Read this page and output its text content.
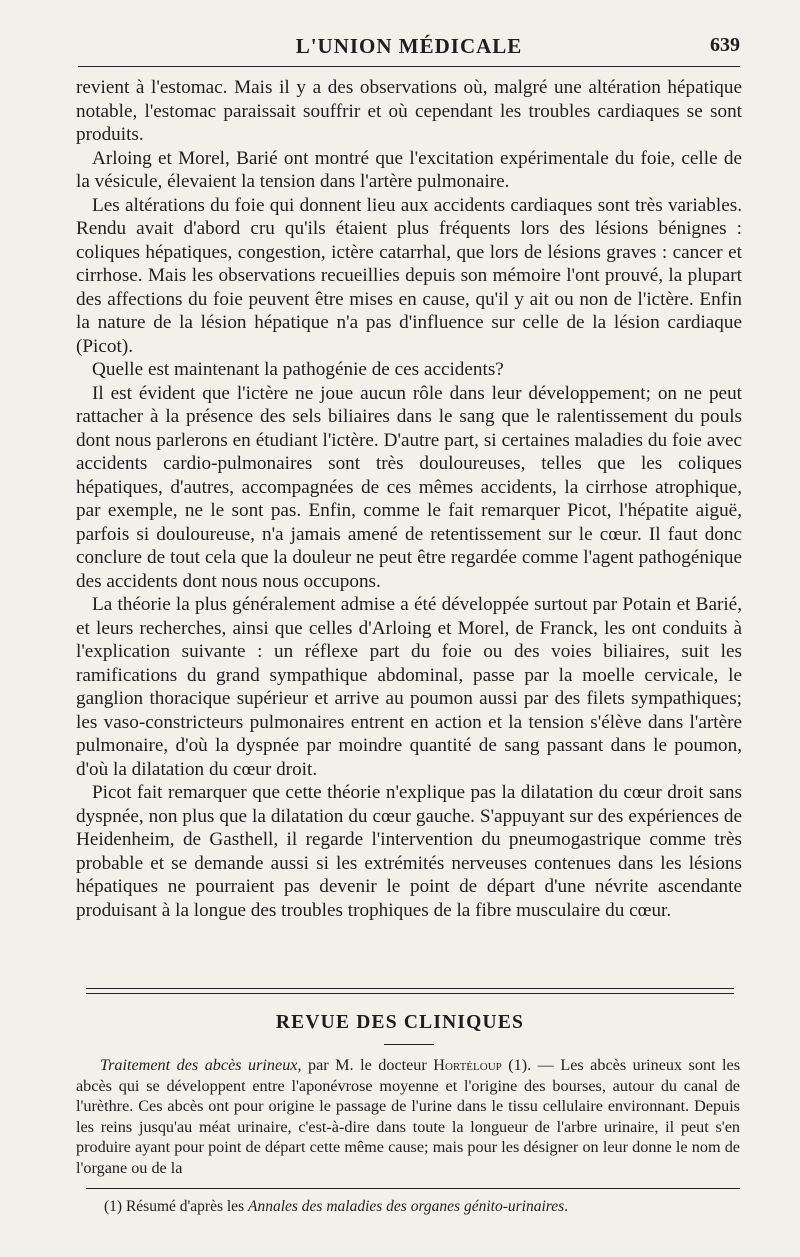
L'UNION MÉDICALE	639

revient à l'estomac. Mais il y a des observations où, malgré une altération hépatique notable, l'estomac paraissait souffrir et où cependant les troubles cardiaques se sont produits.

Arloing et Morel, Barié ont montré que l'excitation expérimentale du foie, celle de la vésicule, élevaient la tension dans l'artère pulmonaire.

Les altérations du foie qui donnent lieu aux accidents cardiaques sont très variables. Rendu avait d'abord cru qu'ils étaient plus fréquents lors des lésions bénignes : coliques hépatiques, congestion, ictère catarrhal, que lors de lésions graves : cancer et cirrhose. Mais les observations recueillies depuis son mémoire l'ont prouvé, la plupart des affections du foie peuvent être mises en cause, qu'il y ait ou non de l'ictère. Enfin la nature de la lésion hépatique n'a pas d'influence sur celle de la lésion cardiaque (Picot).

Quelle est maintenant la pathogénie de ces accidents?

Il est évident que l'ictère ne joue aucun rôle dans leur développement; on ne peut rattacher à la présence des sels biliaires dans le sang que le ralentissement du pouls dont nous parlerons en étudiant l'ictère. D'autre part, si certaines maladies du foie avec accidents cardio-pulmonaires sont très douloureuses, telles que les coliques hépatiques, d'autres, accompagnées de ces mêmes accidents, la cirrhose atrophique, par exemple, ne le sont pas. Enfin, comme le fait remarquer Picot, l'hépatite aiguë, parfois si douloureuse, n'a jamais amené de retentissement sur le cœur. Il faut donc conclure de tout cela que la douleur ne peut être regardée comme l'agent pathogénique des accidents dont nous nous occupons.

La théorie la plus généralement admise a été développée surtout par Potain et Barié, et leurs recherches, ainsi que celles d'Arloing et Morel, de Franck, les ont conduits à l'explication suivante : un réflexe part du foie ou des voies biliaires, suit les ramifications du grand sympathique abdominal, passe par la moelle cervicale, le ganglion thoracique supérieur et arrive au poumon aussi par des filets sympathiques; les vaso-constricteurs pulmonaires entrent en action et la tension s'élève dans l'artère pulmonaire, d'où la dyspnée par moindre quantité de sang passant dans le poumon, d'où la dilatation du cœur droit.

Picot fait remarquer que cette théorie n'explique pas la dilatation du cœur droit sans dyspnée, non plus que la dilatation du cœur gauche. S'appuyant sur des expériences de Heidenheim, de Gasthell, il regarde l'intervention du pneumogastrique comme très probable et se demande aussi si les extrémités nerveuses contenues dans les lésions hépatiques ne pourraient pas devenir le point de départ d'une névrite ascendante produisant à la longue des troubles trophiques de la fibre musculaire du cœur.

REVUE DES CLINIQUES

Traitement des abcès urineux, par M. le docteur Hortéloup (1). — Les abcès urineux sont les abcès qui se développent entre l'aponévrose moyenne et l'origine des bourses, autour du canal de l'urèthre. Ces abcès ont pour origine le passage de l'urine dans le tissu cellulaire environnant. Depuis les reins jusqu'au méat urinaire, c'est-à-dire dans toute la longueur de l'arbre urinaire, il peut s'en produire ayant pour point de départ cette même cause; mais pour les désigner on leur donne le nom de l'organe ou de la

(1) Résumé d'après les Annales des maladies des organes génito-urinaires.
